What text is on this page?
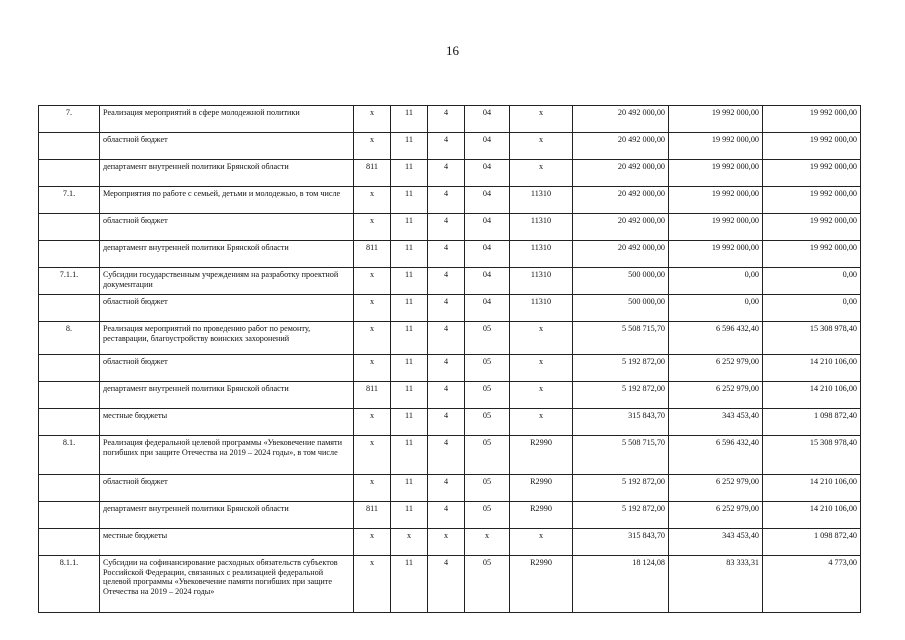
16
7.	Реализация мероприятий в сфере молодежной политики	x	11	4	04	x	20 492 000,00	19 992 000,00	19 992 000,00
	областной бюджет	x	11	4	04	x	20 492 000,00	19 992 000,00	19 992 000,00
	департамент внутренней политики Брянской области	811	11	4	04	x	20 492 000,00	19 992 000,00	19 992 000,00
7.1.	Мероприятия по работе с семьей, детьми и молодежью, в том числе	x	11	4	04	11310	20 492 000,00	19 992 000,00	19 992 000,00
	областной бюджет	x	11	4	04	11310	20 492 000,00	19 992 000,00	19 992 000,00
	департамент внутренней политики Брянской области	811	11	4	04	11310	20 492 000,00	19 992 000,00	19 992 000,00
7.1.1.	Субсидии государственным учреждениям на разработку проектной документации	x	11	4	04	11310	500 000,00	0,00	0,00
	областной бюджет	x	11	4	04	11310	500 000,00	0,00	0,00
8.	Реализация мероприятий по проведению работ по ремонту, реставрации, благоустройству воинских захоронений	x	11	4	05	x	5 508 715,70	6 596 432,40	15 308 978,40
	областной бюджет	x	11	4	05	x	5 192 872,00	6 252 979,00	14 210 106,00
	департамент внутренней политики Брянской области	811	11	4	05	x	5 192 872,00	6 252 979,00	14 210 106,00
	местные бюджеты	x	11	4	05	x	315 843,70	343 453,40	1 098 872,40
8.1.	Реализация федеральной целевой программы «Увековечение памяти погибших при защите Отечества на 2019 – 2024 годы», в том числе	x	11	4	05	R2990	5 508 715,70	6 596 432,40	15 308 978,40
	областной бюджет	x	11	4	05	R2990	5 192 872,00	6 252 979,00	14 210 106,00
	департамент внутренней политики Брянской области	811	11	4	05	R2990	5 192 872,00	6 252 979,00	14 210 106,00
	местные бюджеты	x	x	x	x	x	315 843,70	343 453,40	1 098 872,40
8.1.1.	Субсидии на софинансирование расходных обязательств субъектов Российской Федерации, связанных с реализацией федеральной целевой программы «Увековечение памяти погибших при защите Отечества на 2019 – 2024 годы»	x	11	4	05	R2990	18 124,08	83 333,31	4 773,00
